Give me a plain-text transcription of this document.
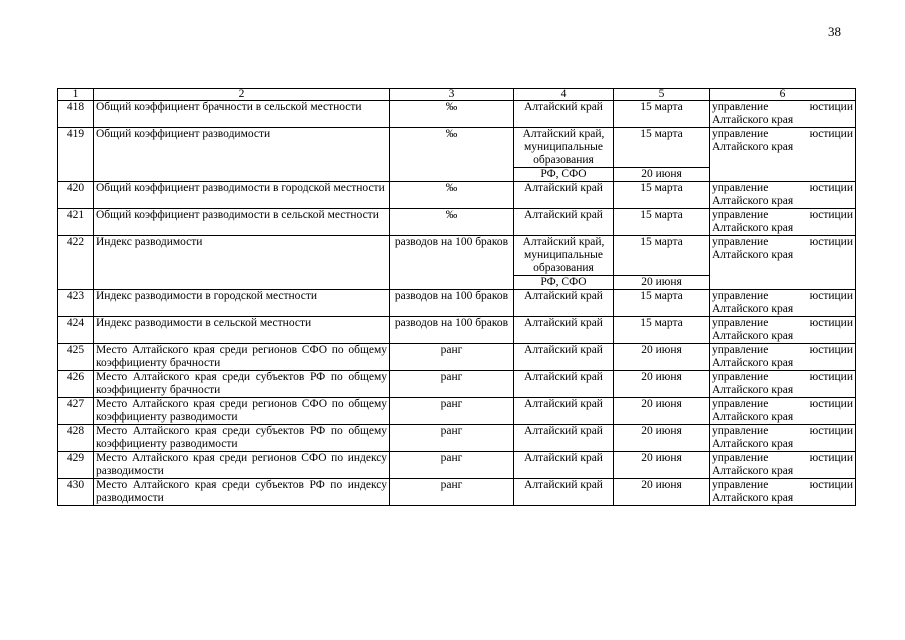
38
1	2	3	4	5	6
418	Общий коэффициент брачности в сельской местности	‰	Алтайский край	15 марта	управление юстиции
Алтайского края

419	Общий коэффициент разводимости	‰	Алтайский край, муниципальные образования	15 марта	управление юстиции
Алтайского края

			РФ, СФО	20 июня	
420	Общий коэффициент разводимости в городской местности	‰	Алтайский край	15 марта	управление юстиции
Алтайского края

421	Общий коэффициент разводимости в сельской местности	‰	Алтайский край	15 марта	управление юстиции
Алтайского края

422	Индекс разводимости	разводов на 100 браков	Алтайский край, муниципальные образования	15 марта	управление юстиции
Алтайского края

			РФ, СФО	20 июня	
423	Индекс разводимости в городской местности	разводов на 100 браков	Алтайский край	15 марта	управление юстиции
Алтайского края

424	Индекс разводимости в сельской местности	разводов на 100 браков	Алтайский край	15 марта	управление юстиции
Алтайского края

425	Место Алтайского края среди регионов СФО по общему коэффициенту брачности	ранг	Алтайский край	20 июня	управление юстиции
Алтайского края

426	Место Алтайского края среди субъектов РФ по общему коэффициенту брачности	ранг	Алтайский край	20 июня	управление юстиции
Алтайского края

427	Место Алтайского края среди регионов СФО по общему коэффициенту разводимости	ранг	Алтайский край	20 июня	управление юстиции
Алтайского края

428	Место Алтайского края среди субъектов РФ по общему коэффициенту разводимости	ранг	Алтайский край	20 июня	управление юстиции
Алтайского края

429	Место Алтайского края среди регионов СФО по индексу разводимости	ранг	Алтайский край	20 июня	управление юстиции
Алтайского края

430	Место Алтайского края среди субъектов РФ по индексу разводимости	ранг	Алтайский край	20 июня	управление юстиции
Алтайского края
